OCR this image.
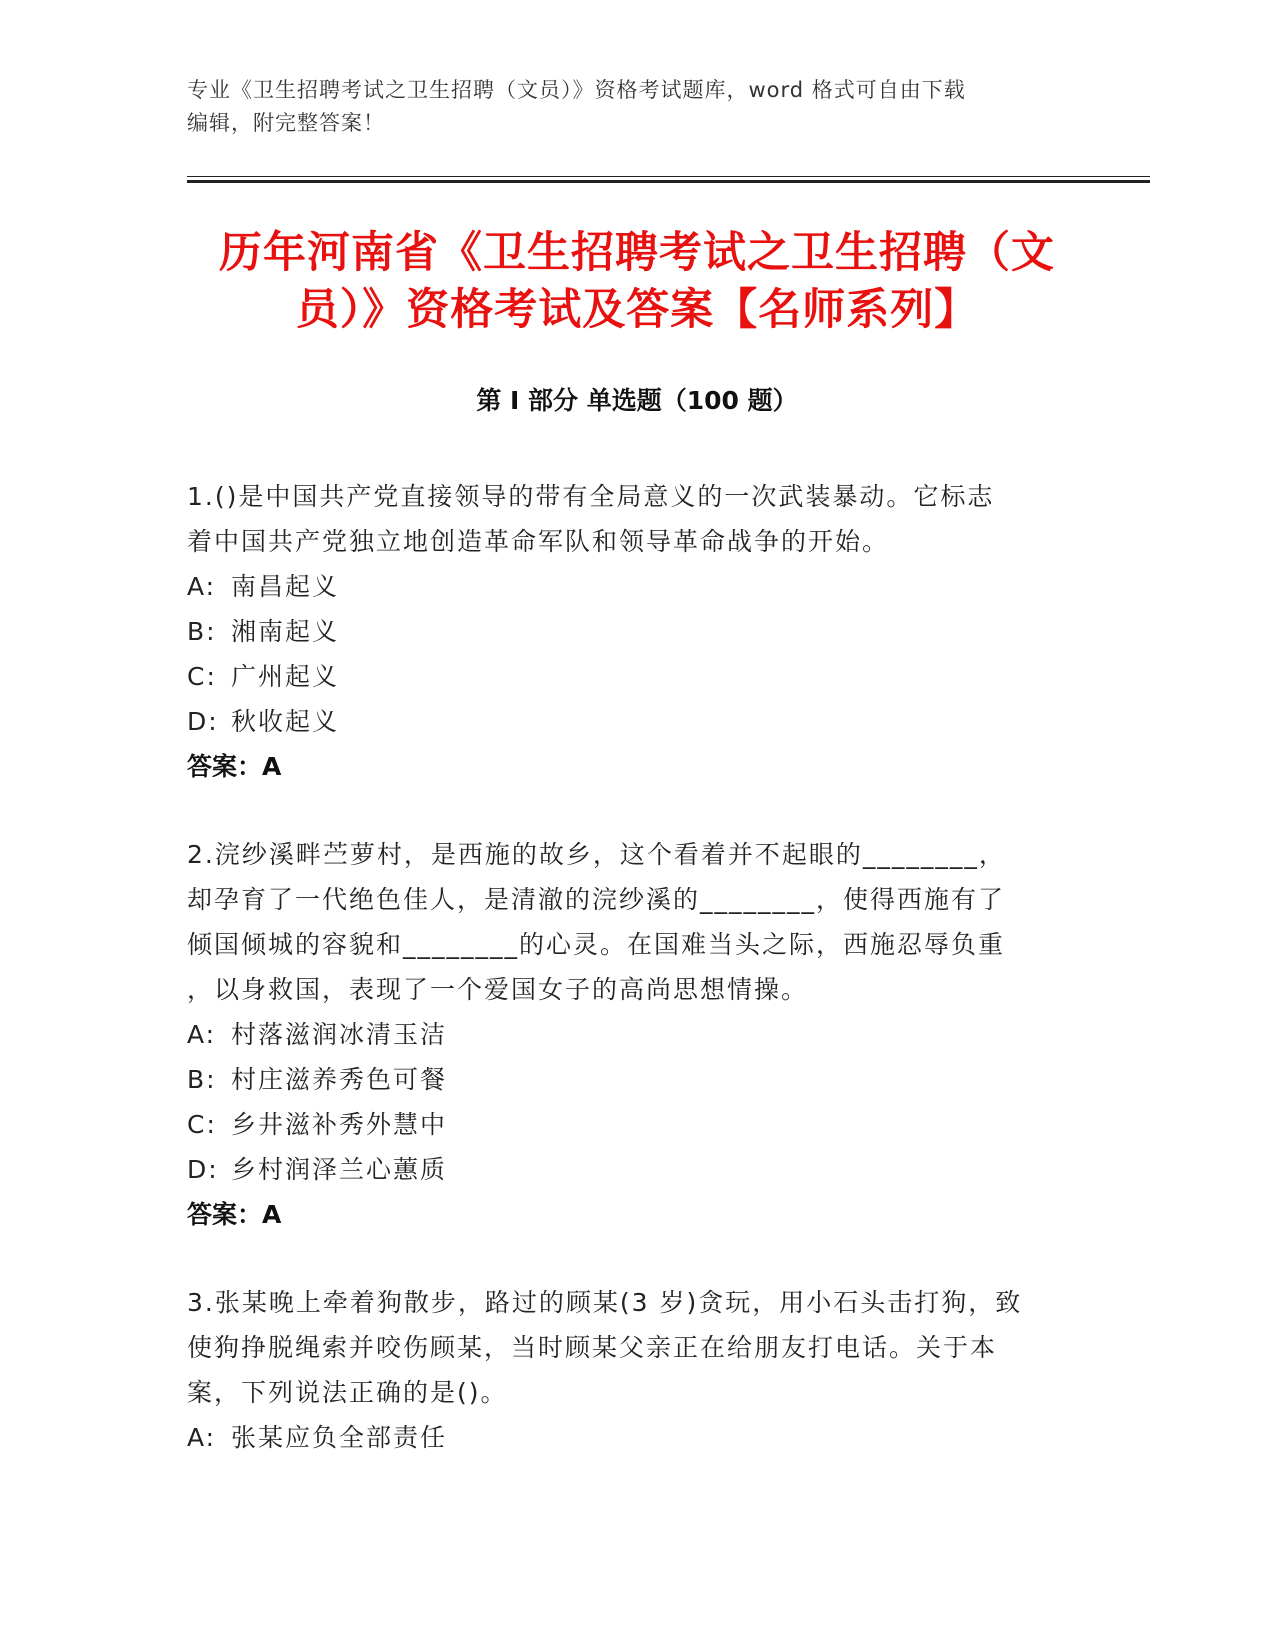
专业《卫生招聘考试之卫生招聘（文员）》资格考试题库，word 格式可自由下载
编辑，附完整答案！
历年河南省《卫生招聘考试之卫生招聘（文
员）》资格考试及答案【名师系列】
第 I 部分 单选题（100 题）
1.()是中国共产党直接领导的带有全局意义的一次武装暴动。它标志
着中国共产党独立地创造革命军队和领导革命战争的开始。
A: 南昌起义
B: 湘南起义
C: 广州起义
D: 秋收起义
答案：A
2.浣纱溪畔苎萝村，是西施的故乡，这个看着并不起眼的________，
却孕育了一代绝色佳人，是清澈的浣纱溪的________，使得西施有了
倾国倾城的容貌和________的心灵。在国难当头之际，西施忍辱负重
，以身救国，表现了一个爱国女子的高尚思想情操。
A: 村落滋润冰清玉洁
B: 村庄滋养秀色可餐
C: 乡井滋补秀外慧中
D: 乡村润泽兰心蕙质
答案：A
3.张某晚上牵着狗散步，路过的顾某(3 岁)贪玩，用小石头击打狗，致
使狗挣脱绳索并咬伤顾某，当时顾某父亲正在给朋友打电话。关于本
案，下列说法正确的是()。
A: 张某应负全部责任
